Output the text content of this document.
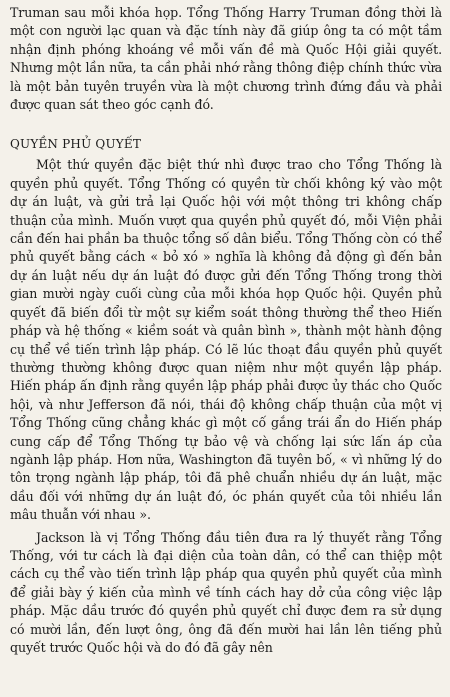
Truman sau mỗi khóa họp. Tổng Thống Harry Truman đồng thời là một con người lạc quan và đặc tính này đã giúp ông ta có một tầm nhận định phóng khoáng về mỗi vấn đề mà Quốc Hội giải quyết. Nhưng một lần nữa, ta cần phải nhớ rằng thông điệp chính thức vừa là một bản tuyên truyền vừa là một chương trình đứng đầu và phải được quan sát theo góc cạnh đó.

QUYỀN PHỦ QUYẾT

Một thứ quyền đặc biệt thứ nhì được trao cho Tổng Thống là quyền phủ quyết. Tổng Thống có quyền từ chối không ký vào một dự án luật, và gửi trả lại Quốc hội với một thông tri không chấp thuận của mình. Muốn vượt qua quyền phủ quyết đó, mỗi Viện phải cần đến hai phần ba thuộc tổng số dân biểu. Tổng Thống còn có thể phủ quyết bằng cách « bỏ xó » nghĩa là không đả động gì đến bản dự án luật nếu dự án luật đó được gửi đến Tổng Thống trong thời gian mười ngày cuối cùng của mỗi khóa họp Quốc hội. Quyền phủ quyết đã biến đổi từ một sự kiểm soát thông thường thể theo Hiến pháp và hệ thống « kiềm soát và quân bình », thành một hành động cụ thể về tiến trình lập pháp. Có lẽ lúc thoạt đầu quyền phủ quyết thường thường không được quan niệm như một quyền lập pháp. Hiến pháp ấn định rằng quyền lập pháp phải được ủy thác cho Quốc hội, và như Jefferson đã nói, thái độ không chấp thuận của một vị Tổng Thống cũng chẳng khác gì một cố gắng trái ẩn do Hiến pháp cung cấp để Tổng Thống tự bảo vệ và chống lại sức lấn áp của ngành lập pháp. Hơn nữa, Washington đã tuyên bố, « vì những lý do tôn trọng ngành lập pháp, tôi đã phê chuẩn nhiều dự án luật, mặc dầu đối với những dự án luật đó, óc phán quyết của tôi nhiều lần mâu thuẫn với nhau ».

Jackson là vị Tổng Thống đầu tiên đưa ra lý thuyết rằng Tổng Thống, với tư cách là đại diện của toàn dân, có thể can thiệp một cách cụ thể vào tiến trình lập pháp qua quyền phủ quyết của mình để giải bày ý kiến của mình về tính cách hay dở của công việc lập pháp. Mặc dầu trước đó quyền phủ quyết chỉ được đem ra sử dụng có mười lần, đến lượt ông, ông đã đến mười hai lần lên tiếng phủ quyết trước Quốc hội và do đó đã gây nên
